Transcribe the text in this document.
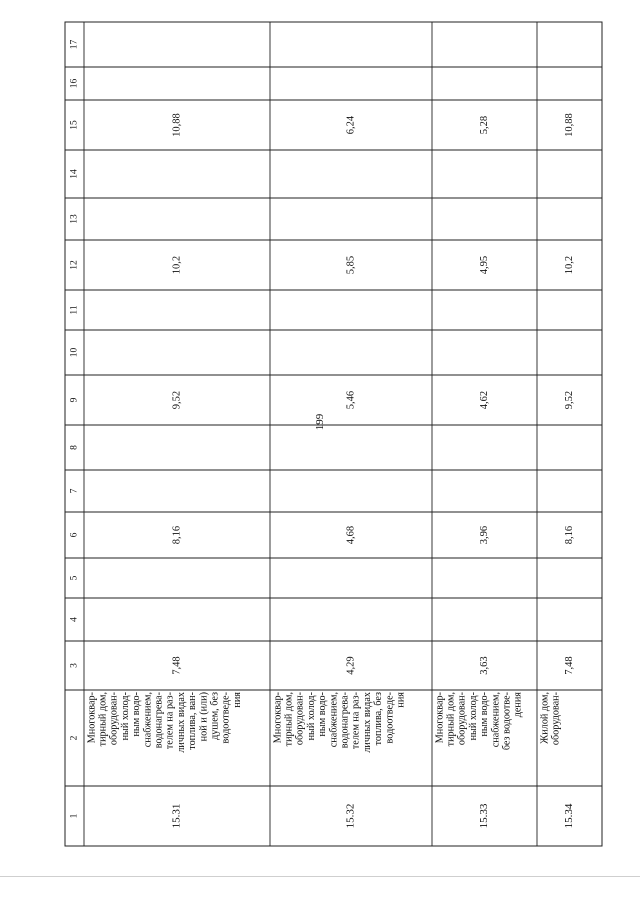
199
1
2
3
4
5
6
7
8
9
10
11
12
13
14
15
16
17
15.31
Многоквар- тирный дом, оборудован- ный холод- ным водо- снабжением, водонагрева- телем на раз- личных видах топлива, ван- ной и (или) душем, без водоотведе- ния
7,48
8,16
9,52
10,2
10,88
15.32
Многоквар- тирный дом, оборудован- ный холод- ным водо- снабжением, водонагрева- телем на раз- личных видах топлива, без водоотведе- ния
4,29
4,68
5,46
5,85
6,24
15.33
Многоквар- тирный дом, оборудован- ный холод- ным водо- снабжением, без водоотве- дения
3,63
3,96
4,62
4,95
5,28
15.34
Жилой дом, оборудован-
7,48
8,16
9,52
10,2
10,88
